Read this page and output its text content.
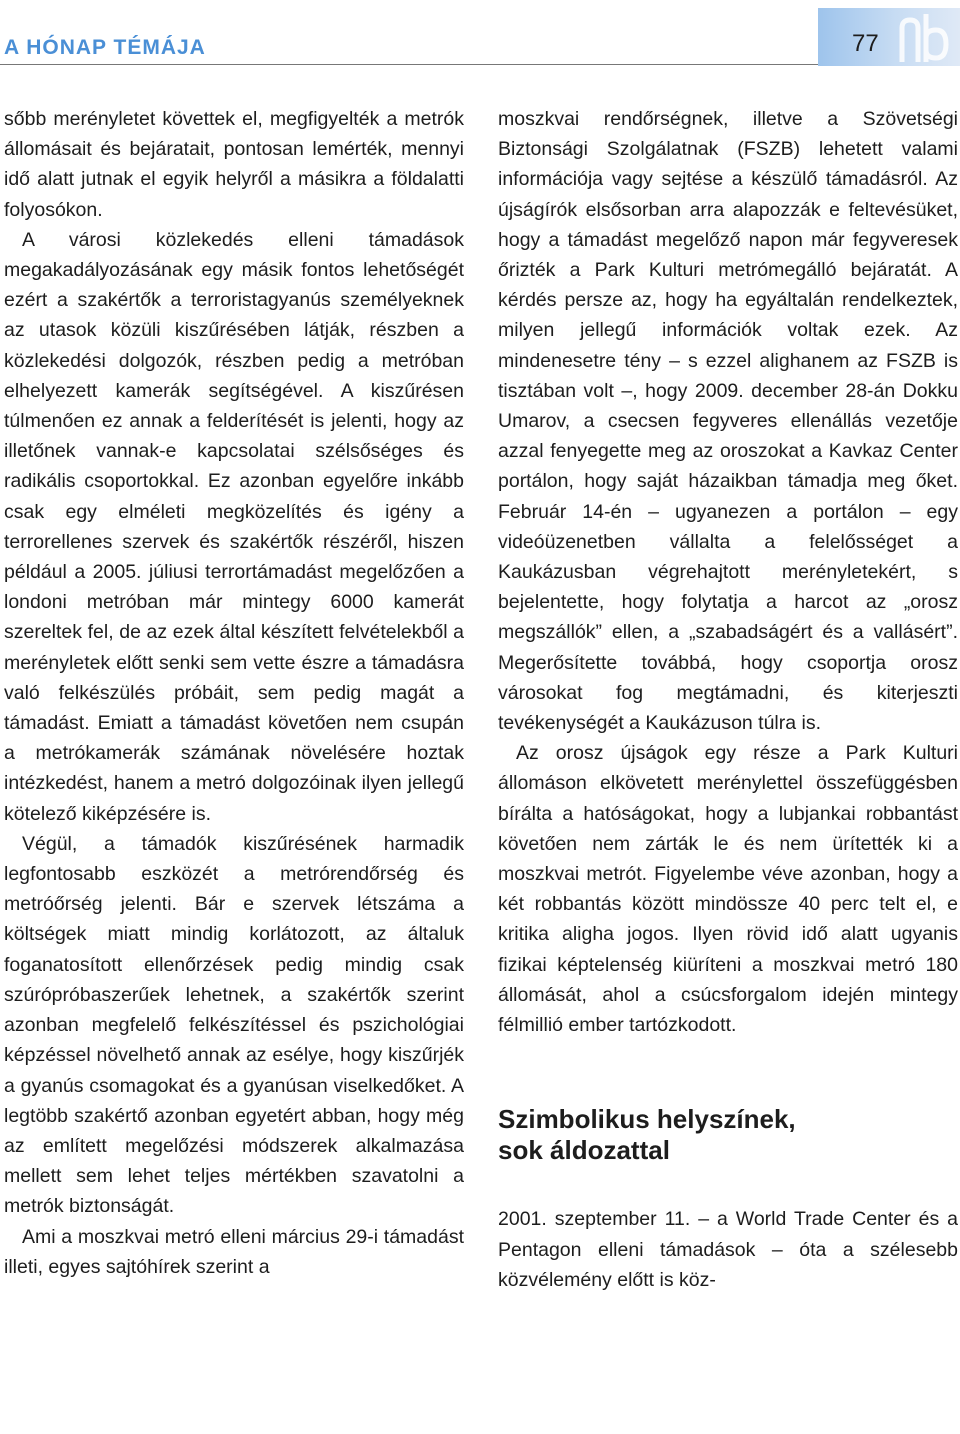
A HÓNAP TÉMÁJA	77

sőbb merényletet követtek el, megfigyelték a metrók állomásait és bejáratait, pontosan lemérték, mennyi idő alatt jutnak el egyik helyről a másikra a földalatti folyosókon.

A városi közlekedés elleni támadások megakadályozásának egy másik fontos lehetőségét ezért a szakértők a terroristagyanús személyeknek az utasok közüli kiszűrésében látják, részben a közlekedési dolgozók, részben pedig a metróban elhelyezett kamerák segítségével. A kiszűrésen túlmenően ez annak a felderítését is jelenti, hogy az illetőnek vannak-e kapcsolatai szélsőséges és radikális csoportokkal. Ez azonban egyelőre inkább csak egy elméleti megközelítés és igény a terrorellenes szervek és szakértők részéről, hiszen például a 2005. júliusi terrortámadást megelőzően a londoni metróban már mintegy 6000 kamerát szereltek fel, de az ezek által készített felvételekből a merényletek előtt senki sem vette észre a támadásra való felkészülés próbáit, sem pedig magát a támadást. Emiatt a támadást követően nem csupán a metrókamerák számának növelésére hoztak intézkedést, hanem a metró dolgozóinak ilyen jellegű kötelező kiképzésére is.

Végül, a támadók kiszűrésének harmadik legfontosabb eszközét a metrórendőrség és metróőrség jelenti. Bár e szervek létszáma a költségek miatt mindig korlátozott, az általuk foganatosított ellenőrzések pedig mindig csak szúrópróbaszerűek lehetnek, a szakértők szerint azonban megfelelő felkészítéssel és pszichológiai képzéssel növelhető annak az esélye, hogy kiszűrjék a gyanús csomagokat és a gyanúsan viselkedőket. A legtöbb szakértő azonban egyetért abban, hogy még az említett megelőzési módszerek alkalmazása mellett sem lehet teljes mértékben szavatolni a metrók biztonságát.

Ami a moszkvai metró elleni március 29-i támadást illeti, egyes sajtóhírek szerint a

moszkvai rendőrségnek, illetve a Szövetségi Biztonsági Szolgálatnak (FSZB) lehetett valami információja vagy sejtése a készülő támadásról. Az újságírók elsősorban arra alapozzák e feltevésüket, hogy a támadást megelőző napon már fegyveresek őrizték a Park Kulturi metrómegálló bejáratát. A kérdés persze az, hogy ha egyáltalán rendelkeztek, milyen jellegű információk voltak ezek. Az mindenesetre tény – s ezzel alighanem az FSZB is tisztában volt –, hogy 2009. december 28-án Dokku Umarov, a csecsen fegyveres ellenállás vezetője azzal fenyegette meg az oroszokat a Kavkaz Center portálon, hogy saját házaikban támadja meg őket. Február 14-én – ugyanezen a portálon – egy videóüzenetben vállalta a felelősséget a Kaukázusban végrehajtott merényletekért, s bejelentette, hogy folytatja a harcot az „orosz megszállók” ellen, a „szabadságért és a vallásért”. Megerősítette továbbá, hogy csoportja orosz városokat fog megtámadni, és kiterjeszti tevékenységét a Kaukázuson túlra is.

Az orosz újságok egy része a Park Kulturi állomáson elkövetett merénylettel összefüggésben bírálta a hatóságokat, hogy a lubjankai robbantást követően nem zárták le és nem ürítették ki a moszkvai metrót. Figyelembe véve azonban, hogy a két robbantás között mindössze 40 perc telt el, e kritika aligha jogos. Ilyen rövid idő alatt ugyanis fizikai képtelenség kiüríteni a moszkvai metró 180 állomását, ahol a csúcsforgalom idején mintegy félmillió ember tartózkodott.

Szimbolikus helyszínek,
sok áldozattal

2001. szeptember 11. – a World Trade Center és a Pentagon elleni támadások – óta a szélesebb közvélemény előtt is köz-
